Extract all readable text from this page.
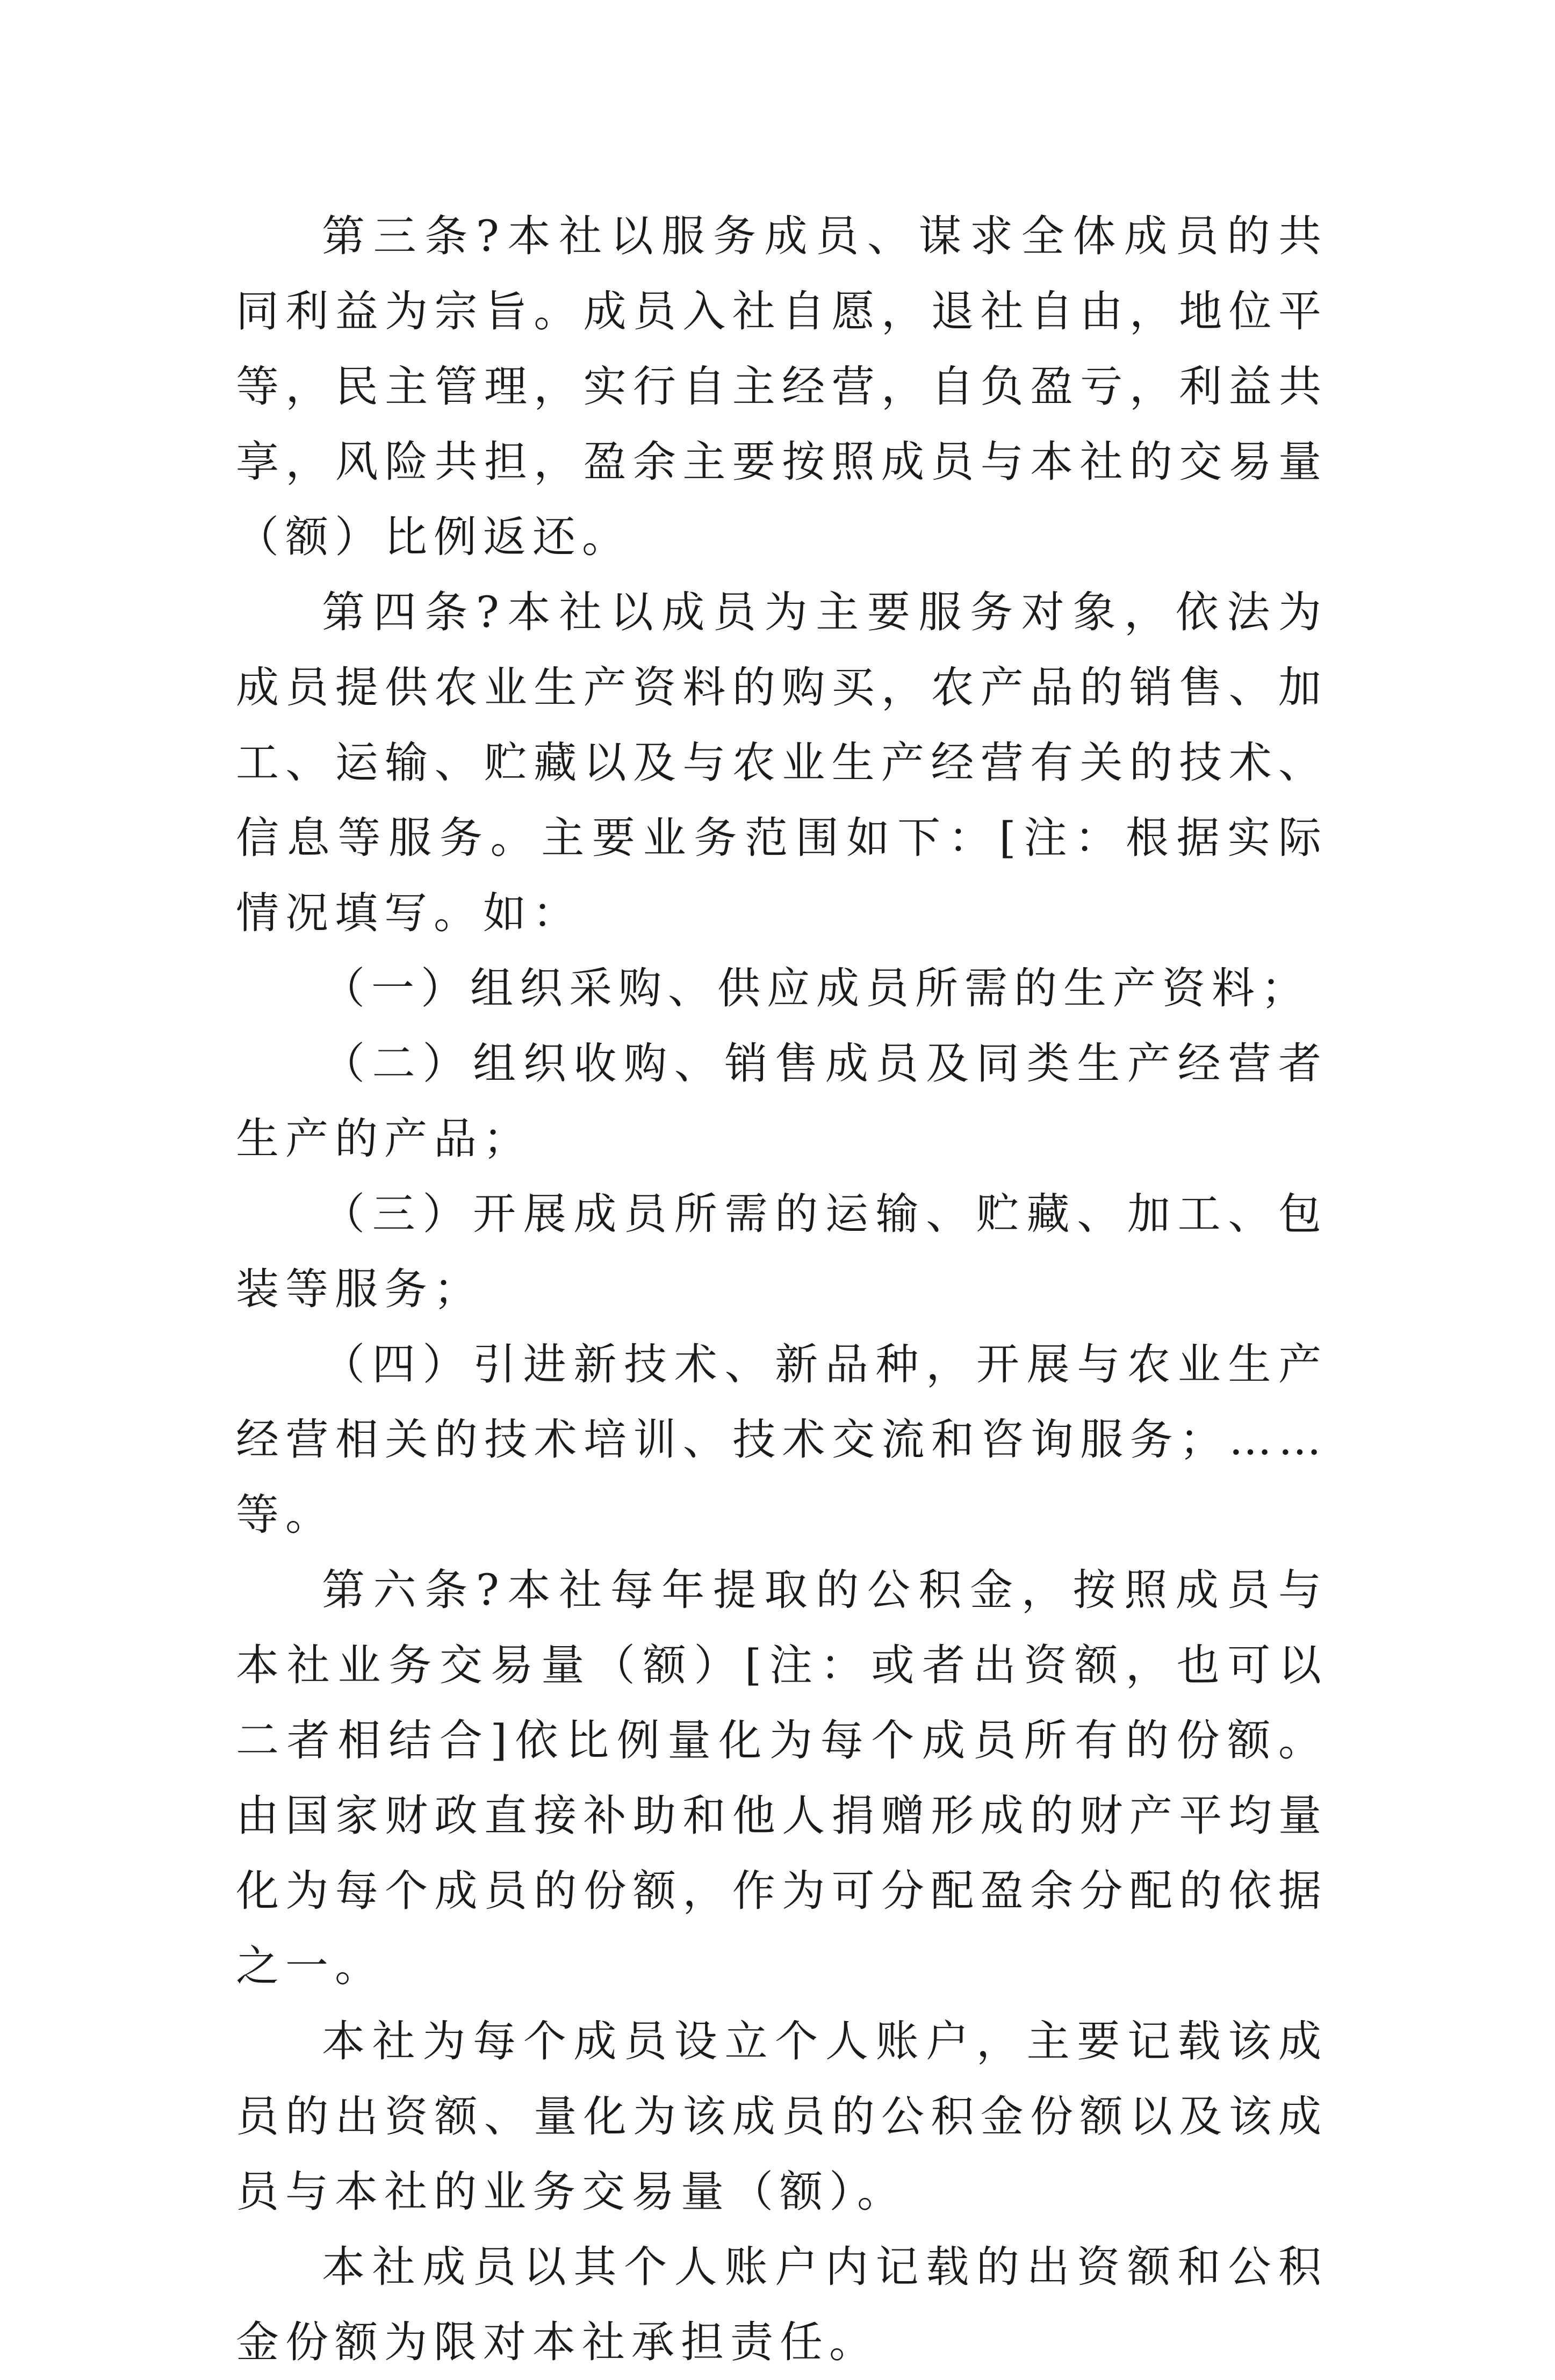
第三条?本社以服务成员、谋求全体成员的共同利益为宗旨。成员入社自愿，退社自由，地位平等，民主管理，实行自主经营，自负盈亏，利益共享，风险共担，盈余主要按照成员与本社的交易量（额）比例返还。

第四条?本社以成员为主要服务对象，依法为成员提供农业生产资料的购买，农产品的销售、加工、运输、贮藏以及与农业生产经营有关的技术、信息等服务。主要业务范围如下：[注：根据实际情况填写。如：

（一）组织采购、供应成员所需的生产资料；

（二）组织收购、销售成员及同类生产经营者生产的产品；

（三）开展成员所需的运输、贮藏、加工、包装等服务；

（四）引进新技术、新品种，开展与农业生产经营相关的技术培训、技术交流和咨询服务；……等。

第六条?本社每年提取的公积金，按照成员与本社业务交易量（额）[注：或者出资额，也可以二者相结合]依比例量化为每个成员所有的份额。由国家财政直接补助和他人捐赠形成的财产平均量化为每个成员的份额，作为可分配盈余分配的依据之一。

本社为每个成员设立个人账户，主要记载该成员的出资额、量化为该成员的公积金份额以及该成员与本社的业务交易量（额）。

本社成员以其个人账户内记载的出资额和公积金份额为限对本社承担责任。
